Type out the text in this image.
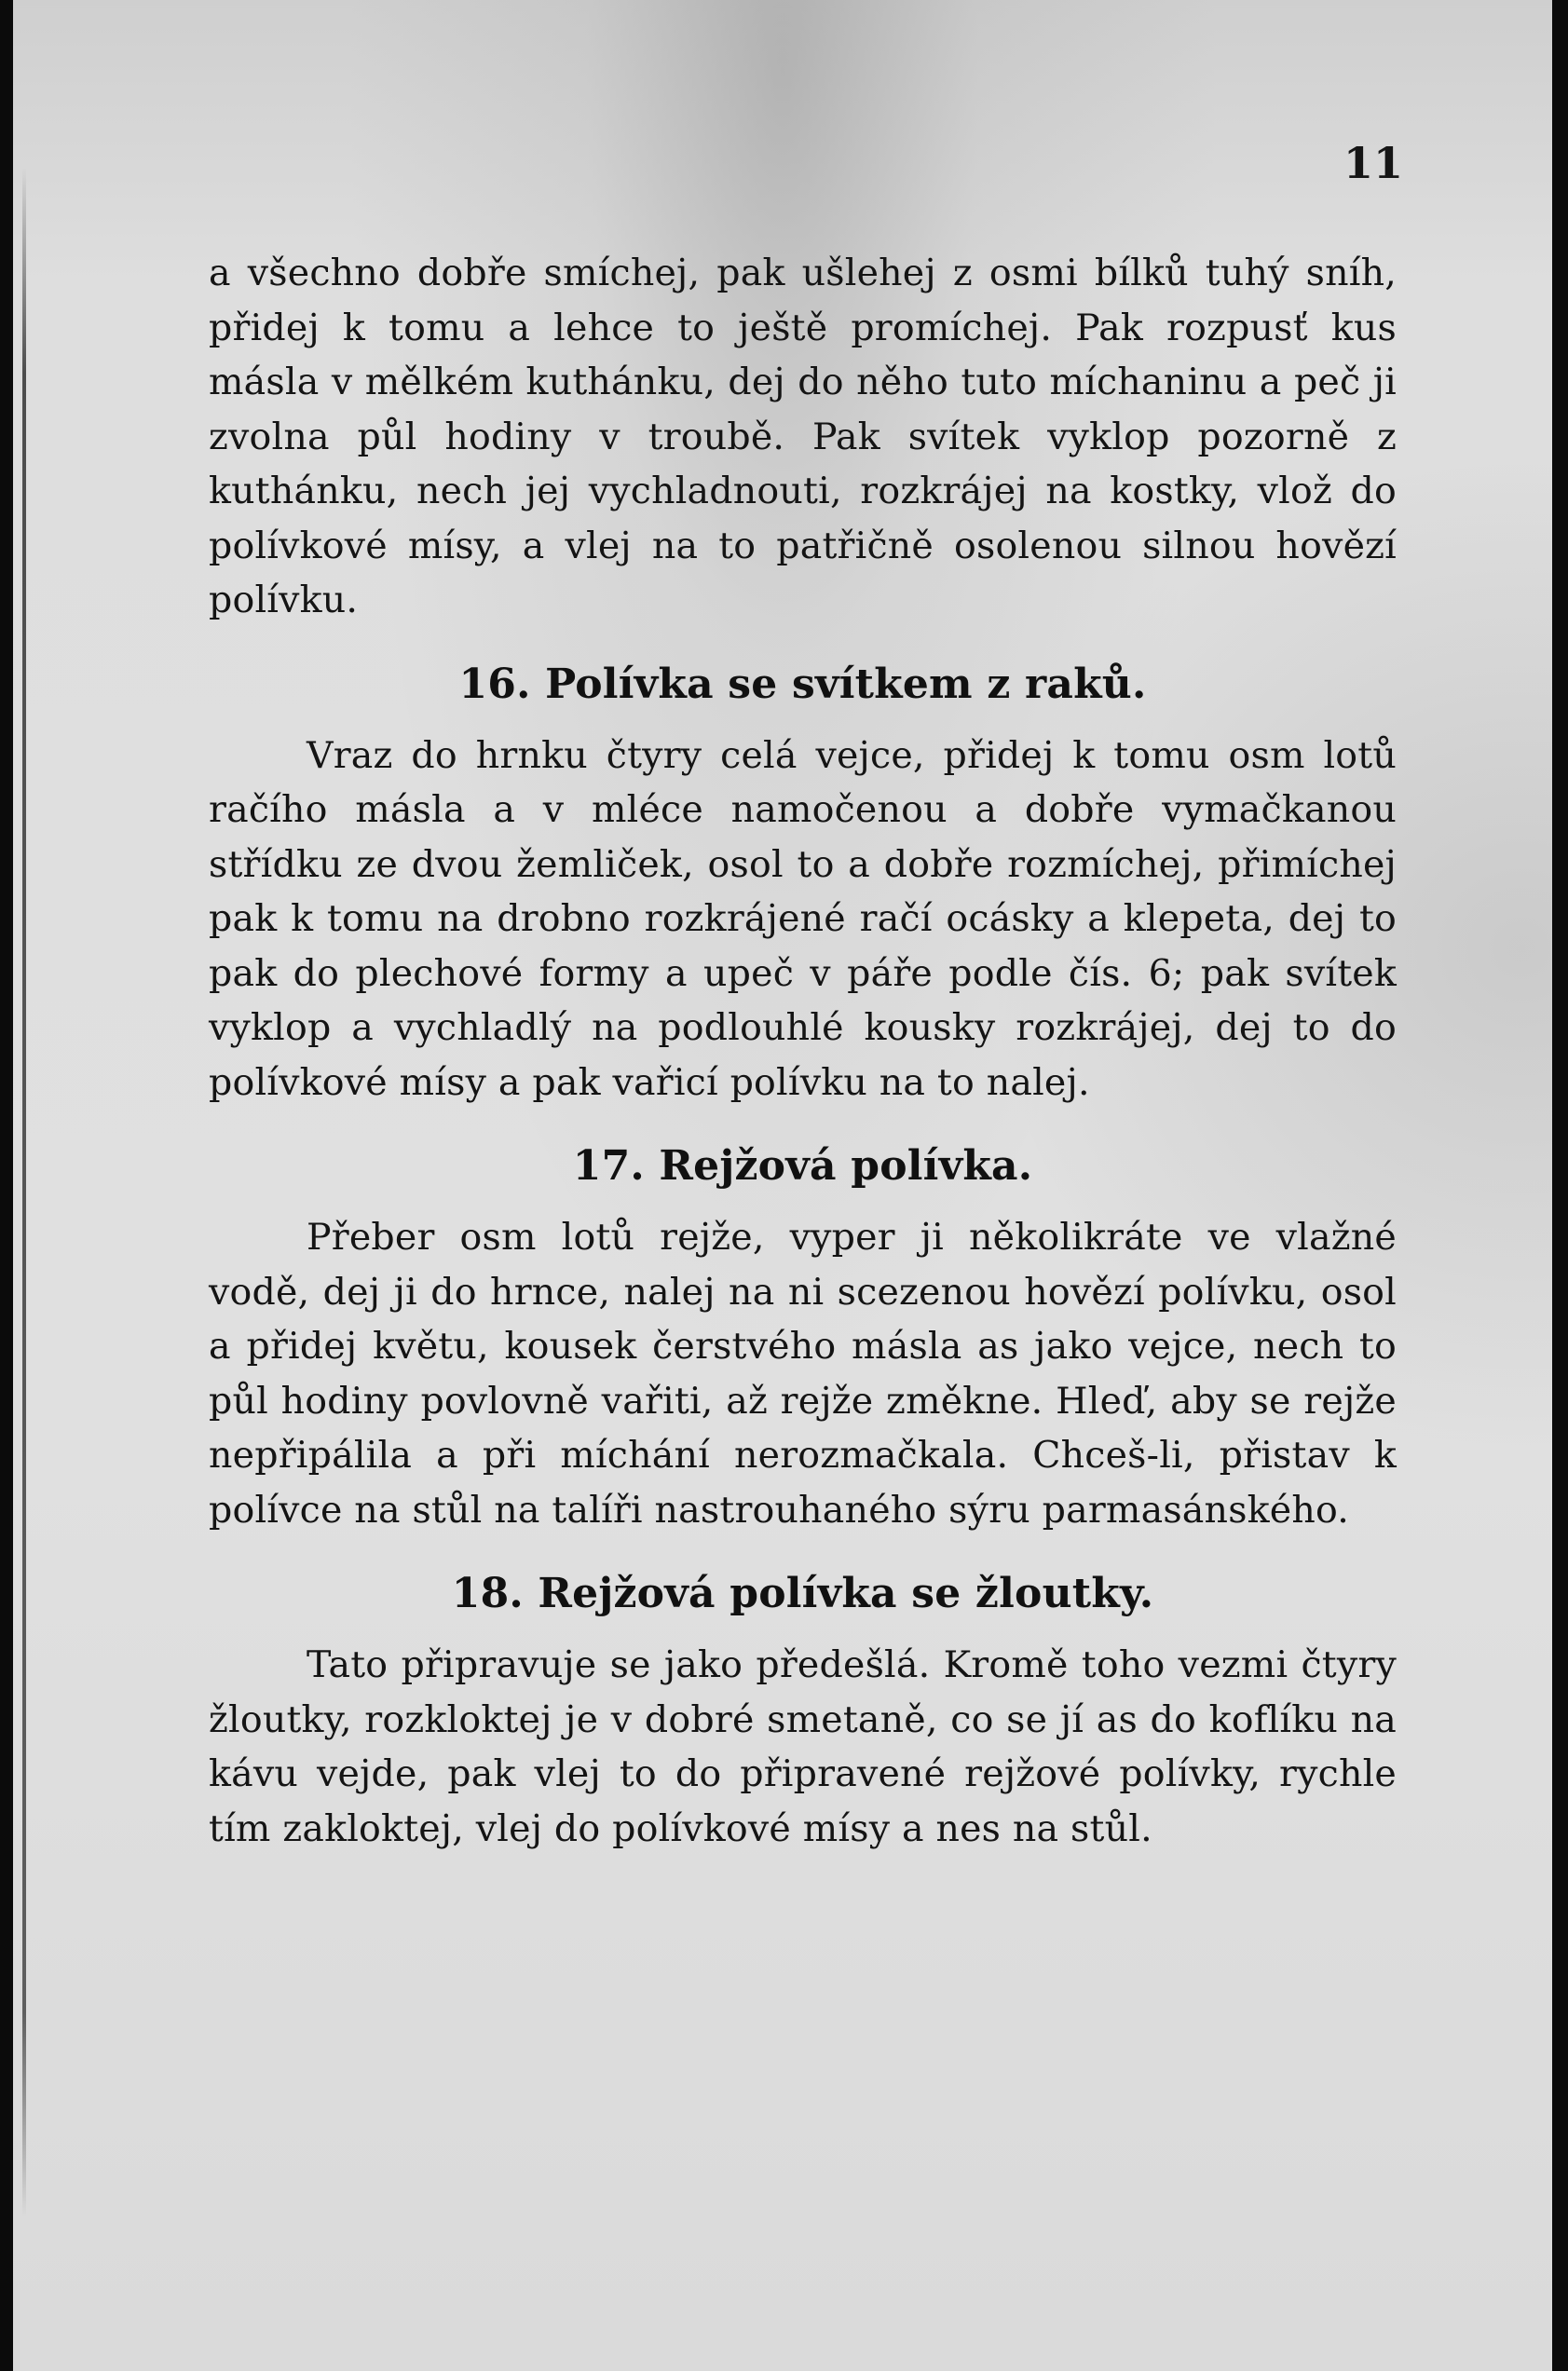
11

a všechno dobře smíchej, pak ušlehej z osmi bílků tuhý sníh, přidej k tomu a lehce to ještě promíchej. Pak rozpusť kus másla v mělkém kuthánku, dej do něho tuto míchaninu a peč ji zvolna půl hodiny v troubě. Pak svítek vyklop pozorně z kuthánku, nech jej vychladnouti, rozkrájej na kostky, vlož do polívkové mísy, a vlej na to patřičně osolenou silnou hovězí polívku.

16. Polívka se svítkem z raků.

Vraz do hrnku čtyry celá vejce, přidej k tomu osm lotů račího másla a v mléce namočenou a dobře vymačkanou střídku ze dvou žemliček, osol to a dobře rozmíchej, přimíchej pak k tomu na drobno rozkrájené račí ocásky a klepeta, dej to pak do plechové formy a upeč v páře podle čís. 6; pak svítek vyklop a vychladlý na podlouhlé kousky rozkrájej, dej to do polívkové mísy a pak vařicí polívku na to nalej.

17. Rejžová polívka.

Přeber osm lotů rejže, vyper ji několikráte ve vlažné vodě, dej ji do hrnce, nalej na ni scezenou hovězí polívku, osol a přidej květu, kousek čerstvého másla as jako vejce, nech to půl hodiny povlovně vařiti, až rejže změkne. Hleď, aby se rejže nepřipálila a při míchání nerozmačkala. Chceš-li, přistav k polívce na stůl na talíři nastrouhaného sýru parmasánského.

18. Rejžová polívka se žloutky.

Tato připravuje se jako předešlá. Kromě toho vezmi čtyry žloutky, rozkloktej je v dobré smetaně, co se jí as do koflíku na kávu vejde, pak vlej to do připravené rejžové polívky, rychle tím zakloktej, vlej do polívkové mísy a nes na stůl.
